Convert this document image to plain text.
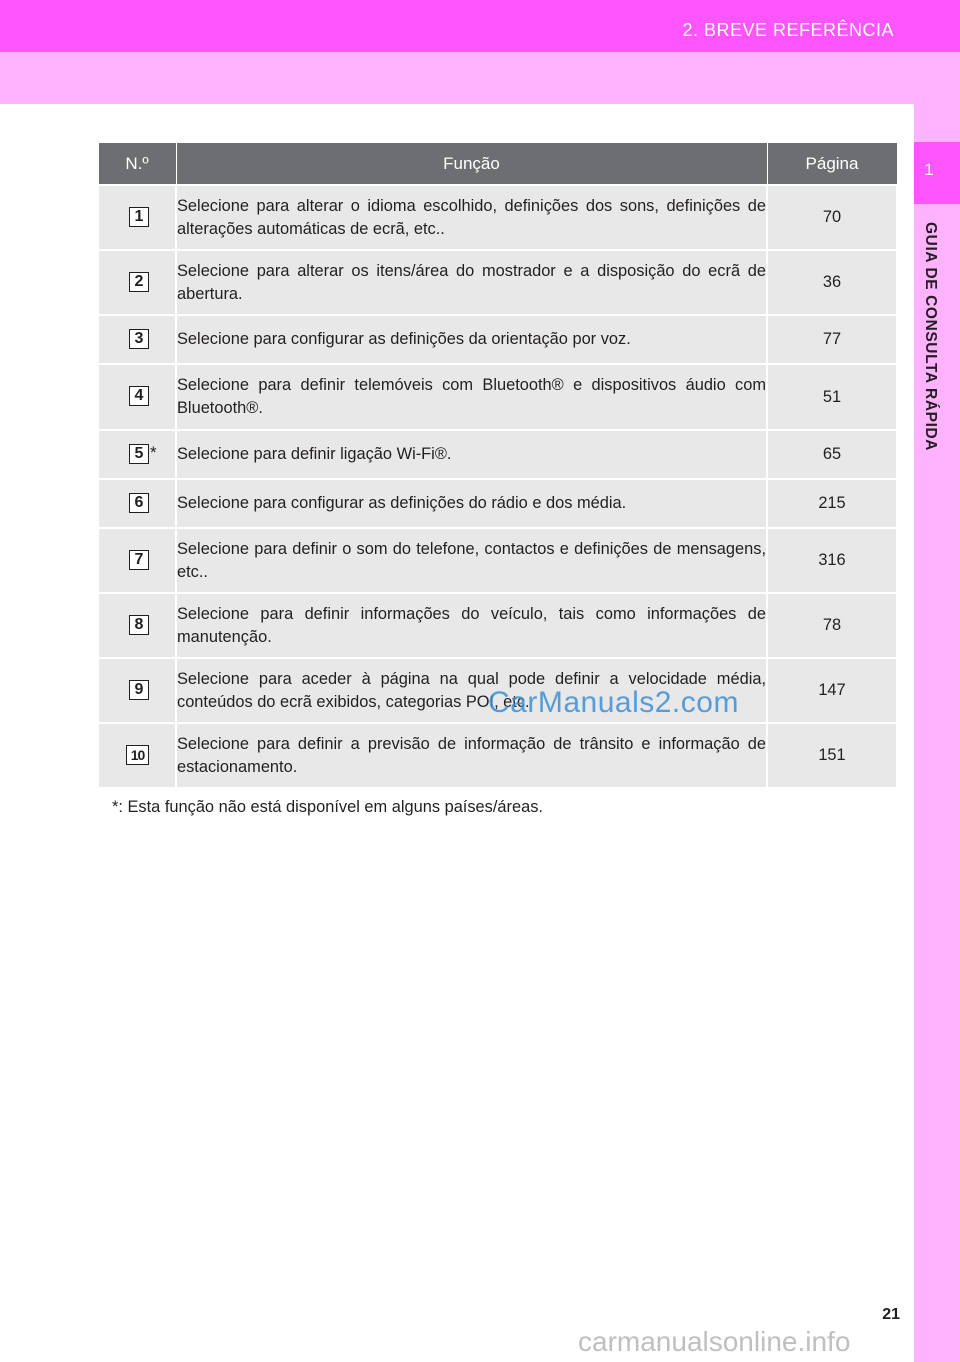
2. BREVE REFERÊNCIA
1
GUIA DE CONSULTA RÁPIDA
N.º	Função	Página

1	Selecione para alterar o idioma escolhido, definições dos sons, definições de alterações automáticas de ecrã, etc..	70

2	Selecione para alterar os itens/área do mostrador e a disposição do ecrã de abertura.	36

3	Selecione para configurar as definições da orientação por voz.	77

4	Selecione para definir telemóveis com Bluetooth® e dispositivos áudio com Bluetooth®.	51

5 *	Selecione para definir ligação Wi-Fi®.	65

6	Selecione para configurar as definições do rádio e dos média.	215

7	Selecione para definir o som do telefone, contactos e definições de mensagens, etc..	316

8	Selecione para definir informações do veículo, tais como informações de manutenção.	78

9	Selecione para aceder à página na qual pode definir a velocidade média, conteúdos do ecrã exibidos, categorias POI, etc.	147

10	Selecione para definir a previsão de informação de trânsito e informação de estacionamento.	151
*: Esta função não está disponível em alguns países/áreas.
CarManuals2.com
21
carmanualsonline.info
